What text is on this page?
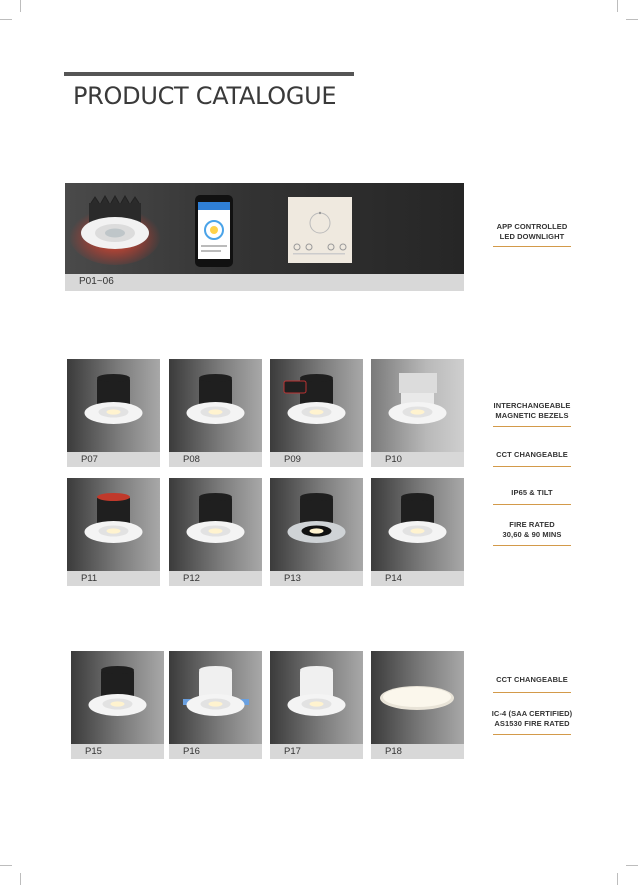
PRODUCT CATALOGUE
P01~06
APP CONTROLLED
LED DOWNLIGHT
P07	P08	P09	P10
P11	P12	P13	P14
P15	P16	P17	P18
INTERCHANGEABLE
MAGNETIC BEZELS
CCT CHANGEABLE
IP65 & TILT
FIRE RATED
30,60 & 90 MINS
CCT CHANGEABLE
IC-4 (SAA CERTIFIED)
AS1530 FIRE RATED
